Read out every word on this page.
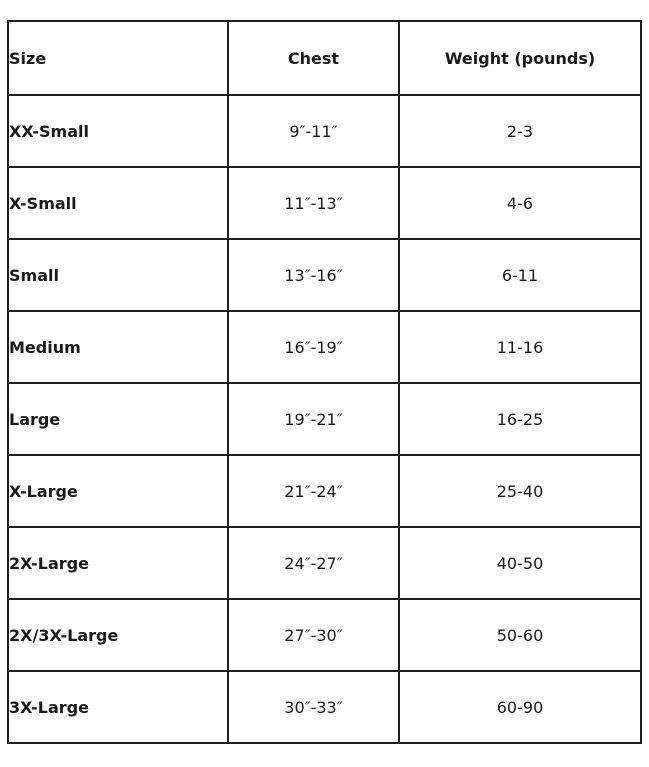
Size	Chest	Weight (pounds)
XX-Small	9″-11″	2-3
X-Small	11″-13″	4-6
Small	13″-16″	6-11
Medium	16″-19″	11-16
Large	19″-21″	16-25
X-Large	21″-24″	25-40
2X-Large	24″-27″	40-50
2X/3X-Large	27″-30″	50-60
3X-Large	30″-33″	60-90
